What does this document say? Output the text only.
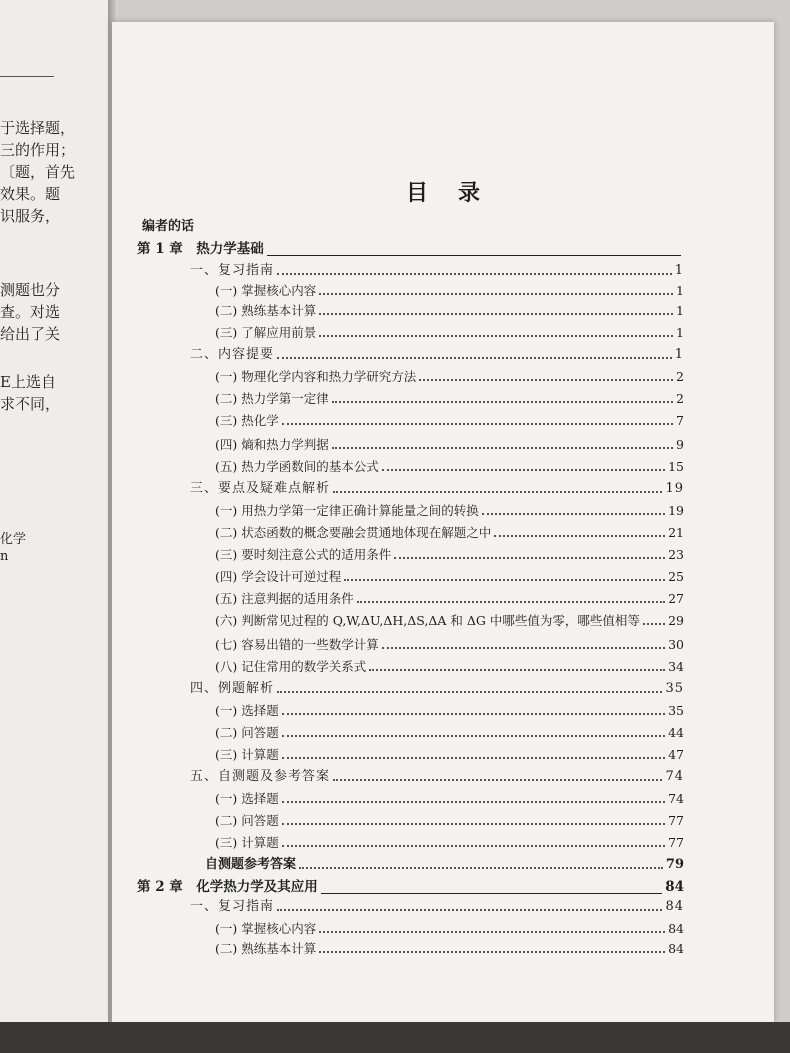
于选择题，
三的作用；
〔题，首先
效果。题
识服务，
测题也分
查。对选
给出了关
E上选自
求不同，
化学
n
目录
编者的话
第 1 章　热力学基础
一、复习指南	1
(一) 掌握核心内容	1
(二) 熟练基本计算	1
(三) 了解应用前景	1
二、内容提要	1
(一) 物理化学内容和热力学研究方法	2
(二) 热力学第一定律	2
(三) 热化学	7
(四) 熵和热力学判据	9
(五) 热力学函数间的基本公式	15
三、要点及疑难点解析	19
(一) 用热力学第一定律正确计算能量之间的转换	19
(二) 状态函数的概念要融会贯通地体现在解题之中	21
(三) 要时刻注意公式的适用条件	23
(四) 学会设计可逆过程	25
(五) 注意判据的适用条件	27
(六) 判断常见过程的 Q,W,ΔU,ΔH,ΔS,ΔA 和 ΔG 中哪些值为零，哪些值相等 29
(七) 容易出错的一些数学计算	30
(八) 记住常用的数学关系式	34
四、例题解析	35
(一) 选择题	35
(二) 问答题	44
(三) 计算题	47
五、自测题及参考答案	74
(一) 选择题	74
(二) 问答题	77
(三) 计算题	77
自测题参考答案	79
第 2 章　化学热力学及其应用	84
一、复习指南	84
(一) 掌握核心内容	84
(二) 熟练基本计算	84
